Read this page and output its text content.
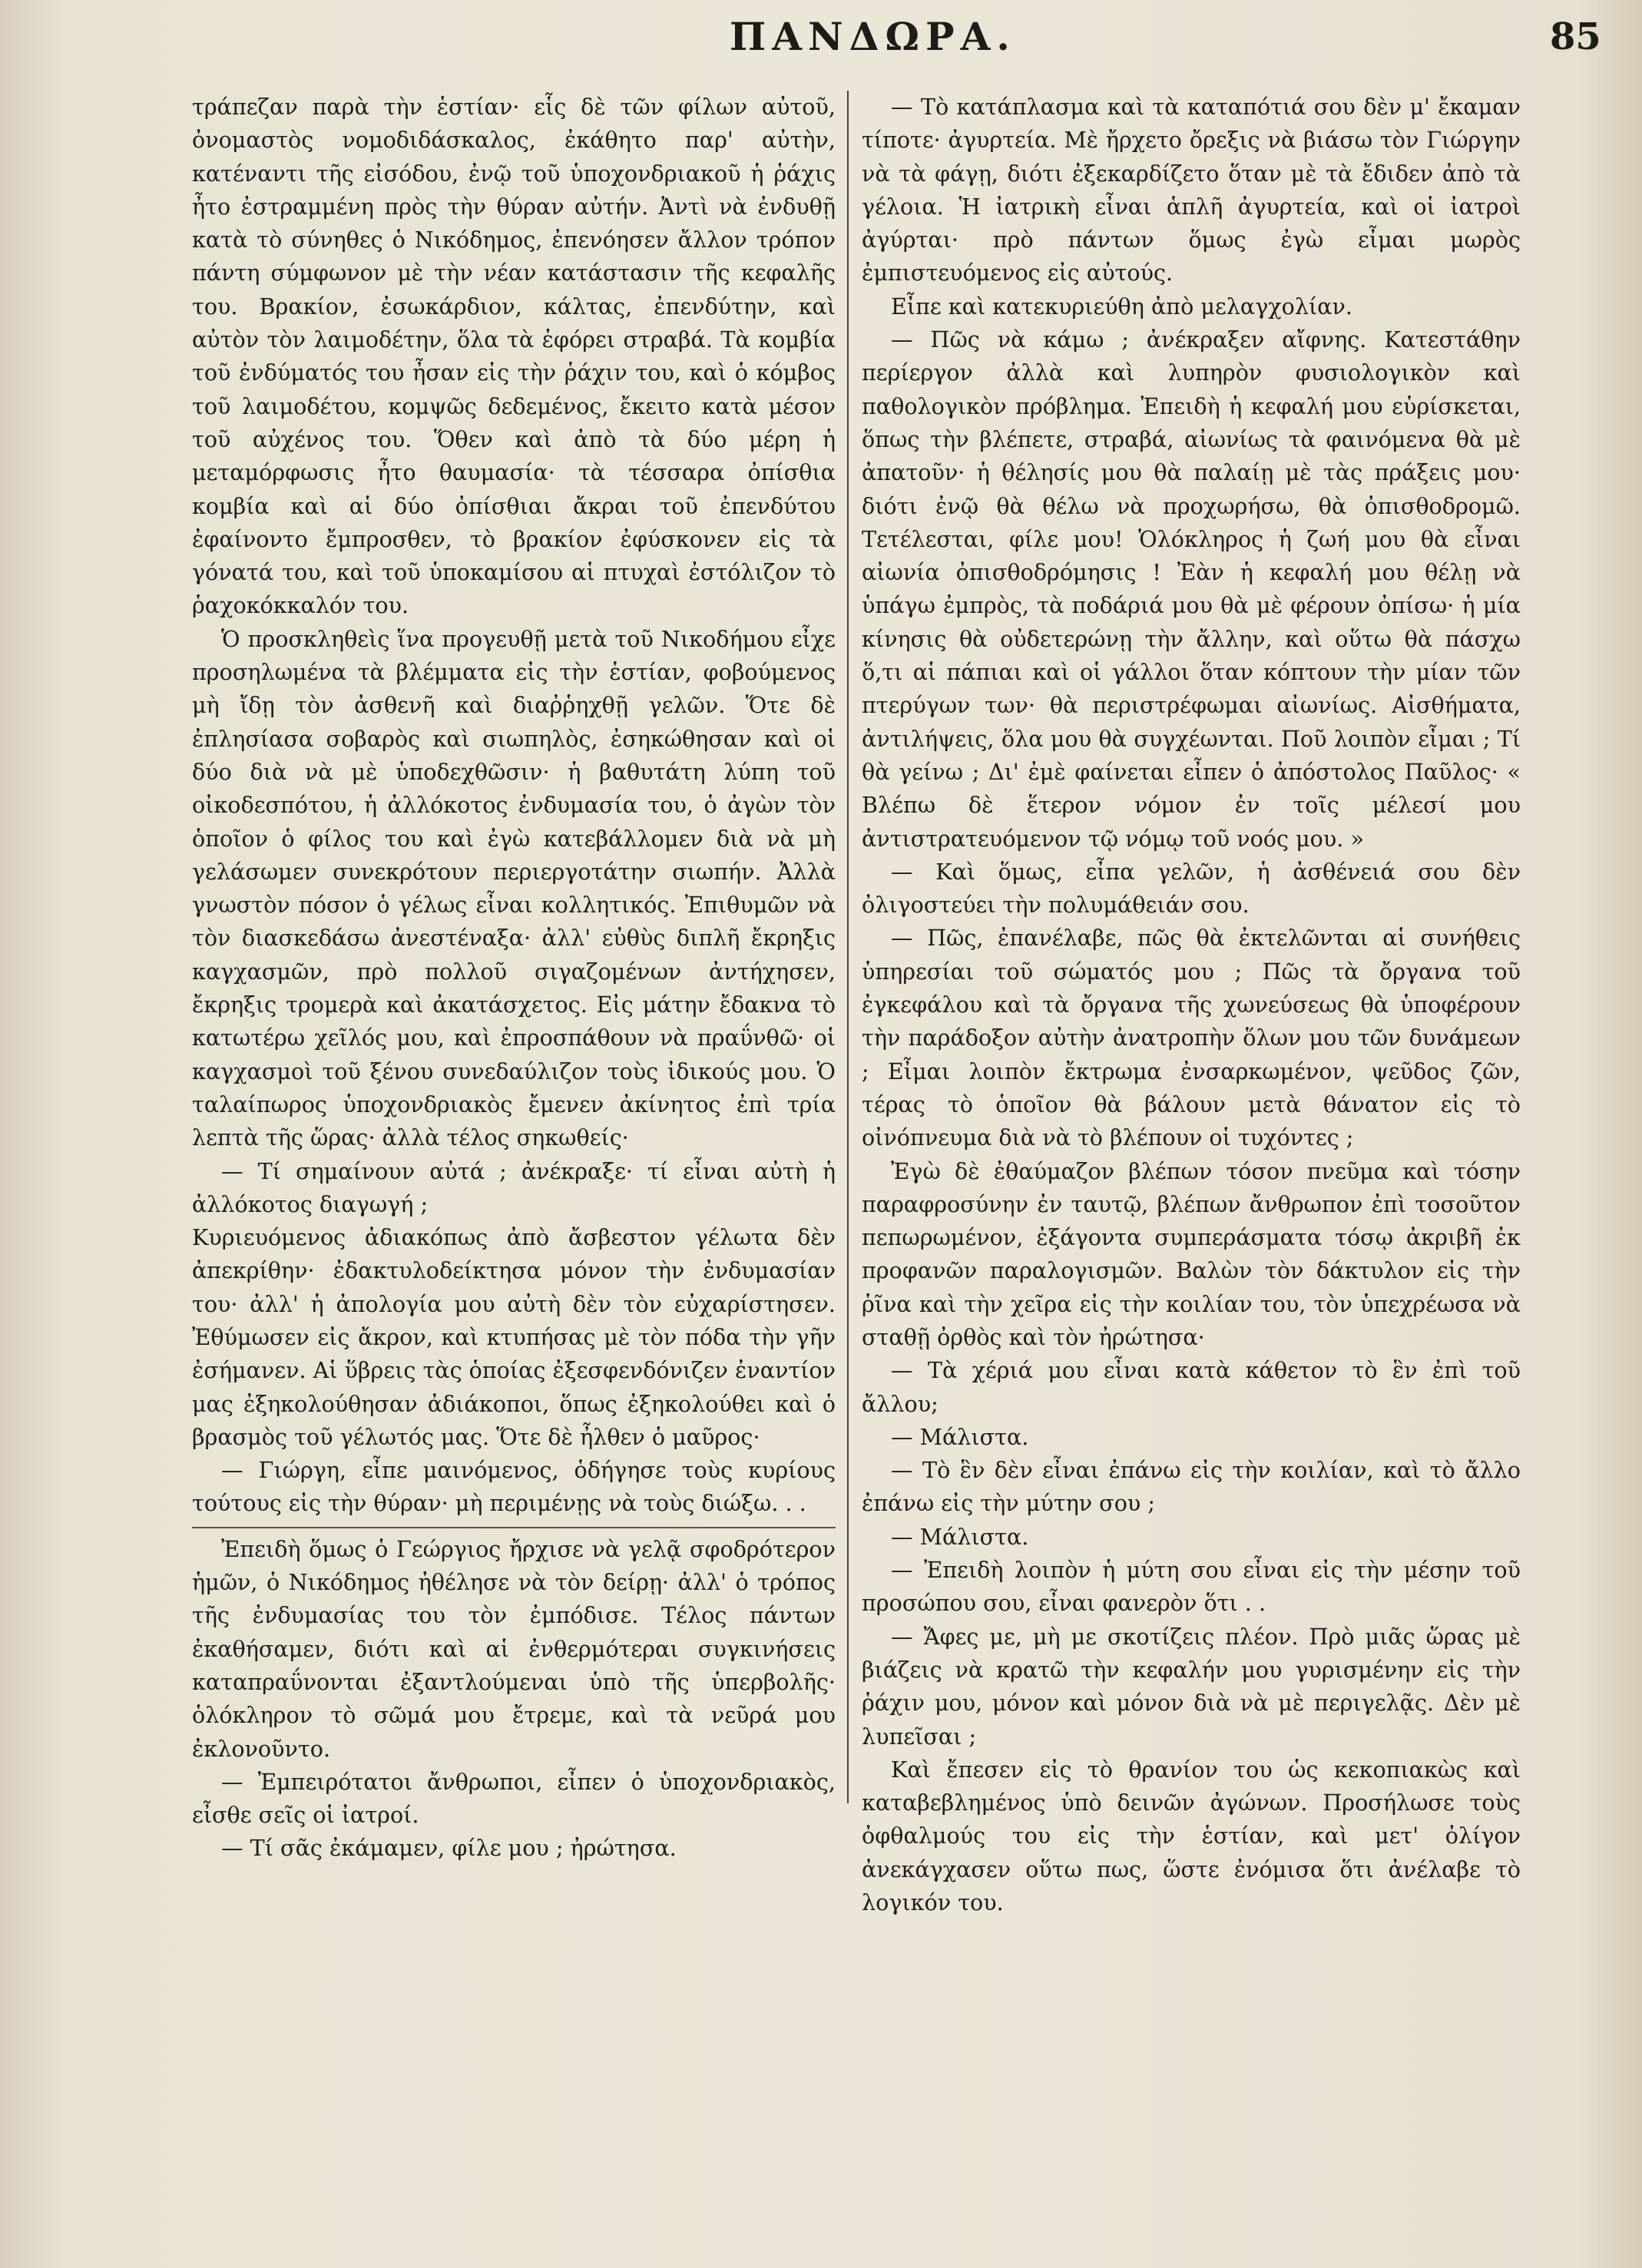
ΠΑΝΔΩΡΑ.	85

τράπεζαν παρὰ τὴν ἑστίαν· εἷς δὲ τῶν φίλων αὐτοῦ, ὀνομαστὸς νομοδιδάσκαλος, ἐκάθητο παρ' αὐτὴν, κατέναντι τῆς εἰσόδου, ἐνῷ τοῦ ὑποχονδριακοῦ ἡ ῥάχις ἦτο ἐστραμμένη πρὸς τὴν θύραν αὐτήν. Ἀντὶ νὰ ἐνδυθῇ κατὰ τὸ σύνηθες ὁ Νικόδημος, ἐπενόησεν ἄλλον τρόπον πάντη σύμφωνον μὲ τὴν νέαν κατάστασιν τῆς κεφαλῆς του. Βρακίον, ἐσωκάρδιον, κάλτας, ἐπενδύτην, καὶ αὐτὸν τὸν λαιμοδέτην, ὅλα τὰ ἐφόρει στραβά. Τὰ κομβία τοῦ ἐνδύματός του ἦσαν εἰς τὴν ῥάχιν του, καὶ ὁ κόμβος τοῦ λαιμοδέτου, κομψῶς δεδεμένος, ἔκειτο κατὰ μέσον τοῦ αὐχένος του. Ὅθεν καὶ ἀπὸ τὰ δύο μέρη ἡ μεταμόρφωσις ἦτο θαυμασία· τὰ τέσσαρα ὀπίσθια κομβία καὶ αἱ δύο ὀπίσθιαι ἄκραι τοῦ ἐπενδύτου ἐφαίνοντο ἔμπροσθεν, τὸ βρακίον ἐφύσκονεν εἰς τὰ γόνατά του, καὶ τοῦ ὑποκαμίσου αἱ πτυχαὶ ἐστόλιζον τὸ ῥαχοκόκκαλόν του.

Ὁ προσκληθεὶς ἵνα προγευθῇ μετὰ τοῦ Νικοδήμου εἶχε προσηλωμένα τὰ βλέμματα εἰς τὴν ἑστίαν, φοβούμενος μὴ ἴδῃ τὸν ἀσθενῆ καὶ διαῤῥηχθῇ γελῶν. Ὅτε δὲ ἐπλησίασα σοβαρὸς καὶ σιωπηλὸς, ἐσηκώθησαν καὶ οἱ δύο διὰ νὰ μὲ ὑποδεχθῶσιν· ἡ βαθυτάτη λύπη τοῦ οἰκοδεσπότου, ἡ ἀλλόκοτος ἐνδυμασία του, ὁ ἀγὼν τὸν ὁποῖον ὁ φίλος του καὶ ἐγὼ κατεβάλλομεν διὰ νὰ μὴ γελάσωμεν συνεκρότουν περιεργοτάτην σιωπήν. Ἀλλὰ γνωστὸν πόσον ὁ γέλως εἶναι κολλητικός. Ἐπιθυμῶν νὰ τὸν διασκεδάσω ἀνεστέναξα· ἀλλ' εὐθὺς διπλῆ ἔκρηξις καγχασμῶν, πρὸ πολλοῦ σιγαζομένων ἀντήχησεν, ἔκρηξις τρομερὰ καὶ ἀκατάσχετος. Εἰς μάτην ἔδακνα τὸ κατωτέρω χεῖλός μου, καὶ ἐπροσπάθουν νὰ πραΰνθῶ· οἱ καγχασμοὶ τοῦ ξένου συνεδαύλιζον τοὺς ἰδικούς μου. Ὁ ταλαίπωρος ὑποχονδριακὸς ἔμενεν ἀκίνητος ἐπὶ τρία λεπτὰ τῆς ὥρας· ἀλλὰ τέλος σηκωθείς·

— Τί σημαίνουν αὐτά ; ἀνέκραξε· τί εἶναι αὐτὴ ἡ ἀλλόκοτος διαγωγή ;

Κυριευόμενος ἀδιακόπως ἀπὸ ἄσβεστον γέλωτα δὲν ἀπεκρίθην· ἐδακτυλοδείκτησα μόνον τὴν ἐνδυμασίαν του· ἀλλ' ἡ ἀπολογία μου αὐτὴ δὲν τὸν εὐχαρίστησεν. Ἐθύμωσεν εἰς ἄκρον, καὶ κτυπήσας μὲ τὸν πόδα τὴν γῆν ἐσήμανεν. Αἱ ὕβρεις τὰς ὁποίας ἐξεσφενδόνιζεν ἐναντίον μας ἐξηκολούθησαν ἀδιάκοποι, ὅπως ἐξηκολούθει καὶ ὁ βρασμὸς τοῦ γέλωτός μας. Ὅτε δὲ ἦλθεν ὁ μαῦρος·

— Γιώργη, εἶπε μαινόμενος, ὁδήγησε τοὺς κυρίους τούτους εἰς τὴν θύραν· μὴ περιμένῃς νὰ τοὺς διώξω. . .

Ἐπειδὴ ὅμως ὁ Γεώργιος ἤρχισε νὰ γελᾷ σφοδρότερον ἡμῶν, ὁ Νικόδημος ἠθέλησε νὰ τὸν δείρῃ· ἀλλ' ὁ τρόπος τῆς ἐνδυμασίας του τὸν ἐμπόδισε. Τέλος πάντων ἐκαθήσαμεν, διότι καὶ αἱ ἐνθερμότεραι συγκινήσεις καταπραΰνονται ἐξαντλούμεναι ὑπὸ τῆς ὑπερβολῆς· ὁλόκληρον τὸ σῶμά μου ἔτρεμε, καὶ τὰ νεῦρά μου ἐκλονοῦντο.

— Ἐμπειρότατοι ἄνθρωποι, εἶπεν ὁ ὑποχονδριακὸς, εἶσθε σεῖς οἱ ἰατροί.

— Τί σᾶς ἐκάμαμεν, φίλε μου ; ἠρώτησα.

— Τὸ κατάπλασμα καὶ τὰ καταπότιά σου δὲν μ' ἔκαμαν τίποτε· ἀγυρτεία. Μὲ ἤρχετο ὄρεξις νὰ βιάσω τὸν Γιώργην νὰ τὰ φάγῃ, διότι ἐξεκαρδίζετο ὅταν μὲ τὰ ἔδιδεν ἀπὸ τὰ γέλοια. Ἡ ἰατρικὴ εἶναι ἁπλῆ ἀγυρτεία, καὶ οἱ ἰατροὶ ἀγύρται· πρὸ πάντων ὅμως ἐγὼ εἶμαι μωρὸς ἐμπιστευόμενος εἰς αὐτούς.

Εἶπε καὶ κατεκυριεύθη ἀπὸ μελαγχολίαν.

— Πῶς νὰ κάμω ; ἀνέκραξεν αἴφνης. Κατεστάθην περίεργον ἀλλὰ καὶ λυπηρὸν φυσιολογικὸν καὶ παθολογικὸν πρόβλημα. Ἐπειδὴ ἡ κεφαλή μου εὑρίσκεται, ὅπως τὴν βλέπετε, στραβά, αἰωνίως τὰ φαινόμενα θὰ μὲ ἀπατοῦν· ἡ θέλησίς μου θὰ παλαίῃ μὲ τὰς πράξεις μου· διότι ἐνῷ θὰ θέλω νὰ προχωρήσω, θὰ ὀπισθοδρομῶ. Τετέλεσται, φίλε μου! Ὁλόκληρος ἡ ζωή μου θὰ εἶναι αἰωνία ὀπισθοδρόμησις ! Ἐὰν ἡ κεφαλή μου θέλῃ νὰ ὑπάγω ἐμπρὸς, τὰ ποδάριά μου θὰ μὲ φέρουν ὀπίσω· ἡ μία κίνησις θὰ οὐδετερώνῃ τὴν ἄλλην, καὶ οὕτω θὰ πάσχω ὅ,τι αἱ πάπιαι καὶ οἱ γάλλοι ὅταν κόπτουν τὴν μίαν τῶν πτερύγων των· θὰ περιστρέφωμαι αἰωνίως. Αἰσθήματα, ἀντιλήψεις, ὅλα μου θὰ συγχέωνται. Ποῦ λοιπὸν εἶμαι ; Τί θὰ γείνω ; Δι' ἐμὲ φαίνεται εἶπεν ὁ ἀπόστολος Παῦλος· « Βλέπω δὲ ἕτερον νόμον ἐν τοῖς μέλεσί μου ἀντιστρατευόμενον τῷ νόμῳ τοῦ νοός μου. »

— Καὶ ὅμως, εἶπα γελῶν, ἡ ἀσθένειά σου δὲν ὀλιγοστεύει τὴν πολυμάθειάν σου.

— Πῶς, ἐπανέλαβε, πῶς θὰ ἐκτελῶνται αἱ συνήθεις ὑπηρεσίαι τοῦ σώματός μου ; Πῶς τὰ ὄργανα τοῦ ἐγκεφάλου καὶ τὰ ὄργανα τῆς χωνεύσεως θὰ ὑποφέρουν τὴν παράδοξον αὐτὴν ἀνατροπὴν ὅλων μου τῶν δυνάμεων ; Εἶμαι λοιπὸν ἔκτρωμα ἐνσαρκωμένον, ψεῦδος ζῶν, τέρας τὸ ὁποῖον θὰ βάλουν μετὰ θάνατον εἰς τὸ οἰνόπνευμα διὰ νὰ τὸ βλέπουν οἱ τυχόντες ;

Ἐγὼ δὲ ἐθαύμαζον βλέπων τόσον πνεῦμα καὶ τόσην παραφροσύνην ἐν ταυτῷ, βλέπων ἄνθρωπον ἐπὶ τοσοῦτον πεπωρωμένον, ἐξάγοντα συμπεράσματα τόσῳ ἀκριβῆ ἐκ προφανῶν παραλογισμῶν. Βαλὼν τὸν δάκτυλον εἰς τὴν ῥῖνα καὶ τὴν χεῖρα εἰς τὴν κοιλίαν του, τὸν ὑπεχρέωσα νὰ σταθῇ ὀρθὸς καὶ τὸν ἠρώτησα·

— Τὰ χέριά μου εἶναι κατὰ κάθετον τὸ ἓν ἐπὶ τοῦ ἄλλου;

— Μάλιστα.

— Τὸ ἓν δὲν εἶναι ἐπάνω εἰς τὴν κοιλίαν, καὶ τὸ ἄλλο ἐπάνω εἰς τὴν μύτην σου ;

— Μάλιστα.

— Ἐπειδὴ λοιπὸν ἡ μύτη σου εἶναι εἰς τὴν μέσην τοῦ προσώπου σου, εἶναι φανερὸν ὅτι . .

— Ἄφες με, μὴ με σκοτίζεις πλέον. Πρὸ μιᾶς ὥρας μὲ βιάζεις νὰ κρατῶ τὴν κεφαλήν μου γυρισμένην εἰς τὴν ῥάχιν μου, μόνον καὶ μόνον διὰ νὰ μὲ περιγελᾷς. Δὲν μὲ λυπεῖσαι ;

Καὶ ἔπεσεν εἰς τὸ θρανίον του ὡς κεκοπιακὼς καὶ καταβεβλημένος ὑπὸ δεινῶν ἀγώνων. Προσήλωσε τοὺς ὀφθαλμούς του εἰς τὴν ἑστίαν, καὶ μετ' ὀλίγον ἀνεκάγχασεν οὕτω πως, ὥστε ἐνόμισα ὅτι ἀνέλαβε τὸ λογικόν του.
